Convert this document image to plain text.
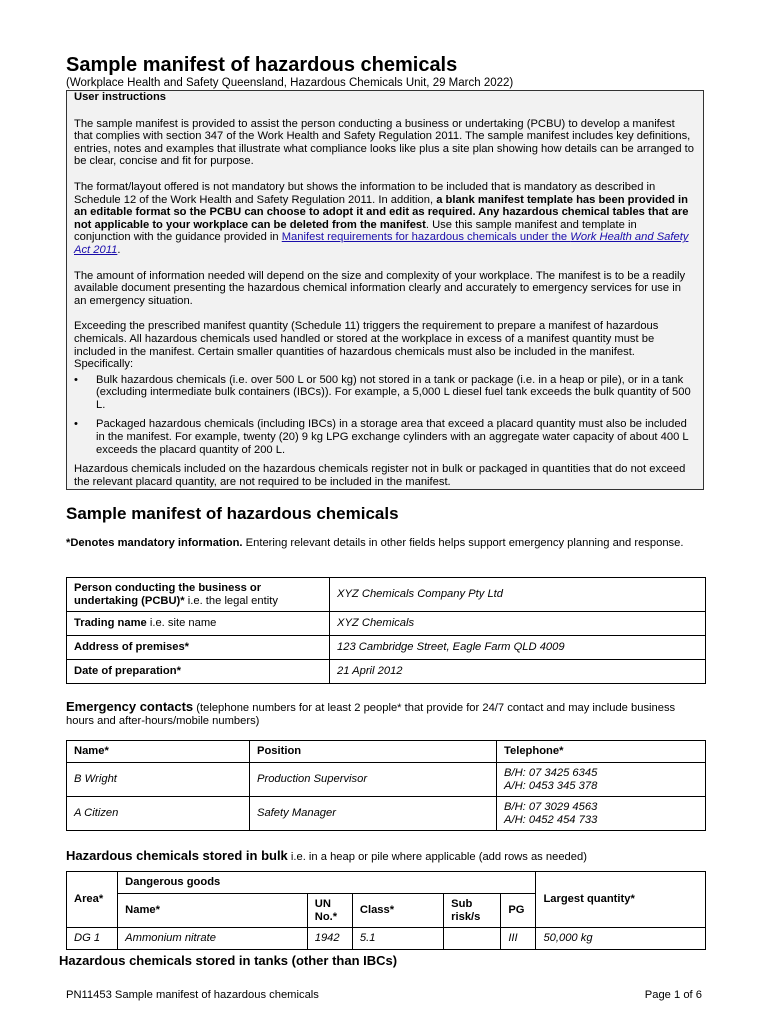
Sample manifest of hazardous chemicals
(Workplace Health and Safety Queensland, Hazardous Chemicals Unit, 29 March 2022)
User instructions

The sample manifest is provided to assist the person conducting a business or undertaking (PCBU) to develop a manifest that complies with section 347 of the Work Health and Safety Regulation 2011. The sample manifest includes key definitions, entries, notes and examples that illustrate what compliance looks like plus a site plan showing how details can be arranged to be clear, concise and fit for purpose.

The format/layout offered is not mandatory but shows the information to be included that is mandatory as described in Schedule 12 of the Work Health and Safety Regulation 2011. In addition, a blank manifest template has been provided in an editable format so the PCBU can choose to adopt it and edit as required. Any hazardous chemical tables that are not applicable to your workplace can be deleted from the manifest. Use this sample manifest and template in conjunction with the guidance provided in Manifest requirements for hazardous chemicals under the Work Health and Safety Act 2011.

The amount of information needed will depend on the size and complexity of your workplace. The manifest is to be a readily available document presenting the hazardous chemical information clearly and accurately to emergency services for use in an emergency situation.

Exceeding the prescribed manifest quantity (Schedule 11) triggers the requirement to prepare a manifest of hazardous chemicals. All hazardous chemicals used handled or stored at the workplace in excess of a manifest quantity must be included in the manifest. Certain smaller quantities of hazardous chemicals must also be included in the manifest. Specifically:

• Bulk hazardous chemicals (i.e. over 500 L or 500 kg) not stored in a tank or package (i.e. in a heap or pile), or in a tank (excluding intermediate bulk containers (IBCs)). For example, a 5,000 L diesel fuel tank exceeds the bulk quantity of 500 L.
• Packaged hazardous chemicals (including IBCs) in a storage area that exceed a placard quantity must also be included in the manifest. For example, twenty (20) 9 kg LPG exchange cylinders with an aggregate water capacity of about 400 L exceeds the placard quantity of 200 L.

Hazardous chemicals included on the hazardous chemicals register not in bulk or packaged in quantities that do not exceed the relevant placard quantity, are not required to be included in the manifest.

Sample manifest of hazardous chemicals
*Denotes mandatory information. Entering relevant details in other fields helps support emergency planning and response.
Person conducting the business or undertaking (PCBU)* i.e. the legal entity	XYZ Chemicals Company Pty Ltd
Trading name i.e. site name	XYZ Chemicals
Address of premises*	123 Cambridge Street, Eagle Farm QLD 4009
Date of preparation*	21 April 2012
Emergency contacts (telephone numbers for at least 2 people* that provide for 24/7 contact and may include business hours and after-hours/mobile numbers)
Name*	Position	Telephone*
B Wright	Production Supervisor	B/H: 07 3425 6345
A/H: 0453 345 378

A Citizen	Safety Manager	B/H: 07 3029 4563
A/H: 0452 454 733
Hazardous chemicals stored in bulk i.e. in a heap or pile where applicable (add rows as needed)
Area*	Dangerous goods					Largest quantity*
	Name*	UN No.*	Class*	Sub risk/s	PG	
DG 1	Ammonium nitrate	1942	5.1		III	50,000 kg
Hazardous chemicals stored in tanks (other than IBCs)
PN11453 Sample manifest of hazardous chemicals	Page 1 of 6
